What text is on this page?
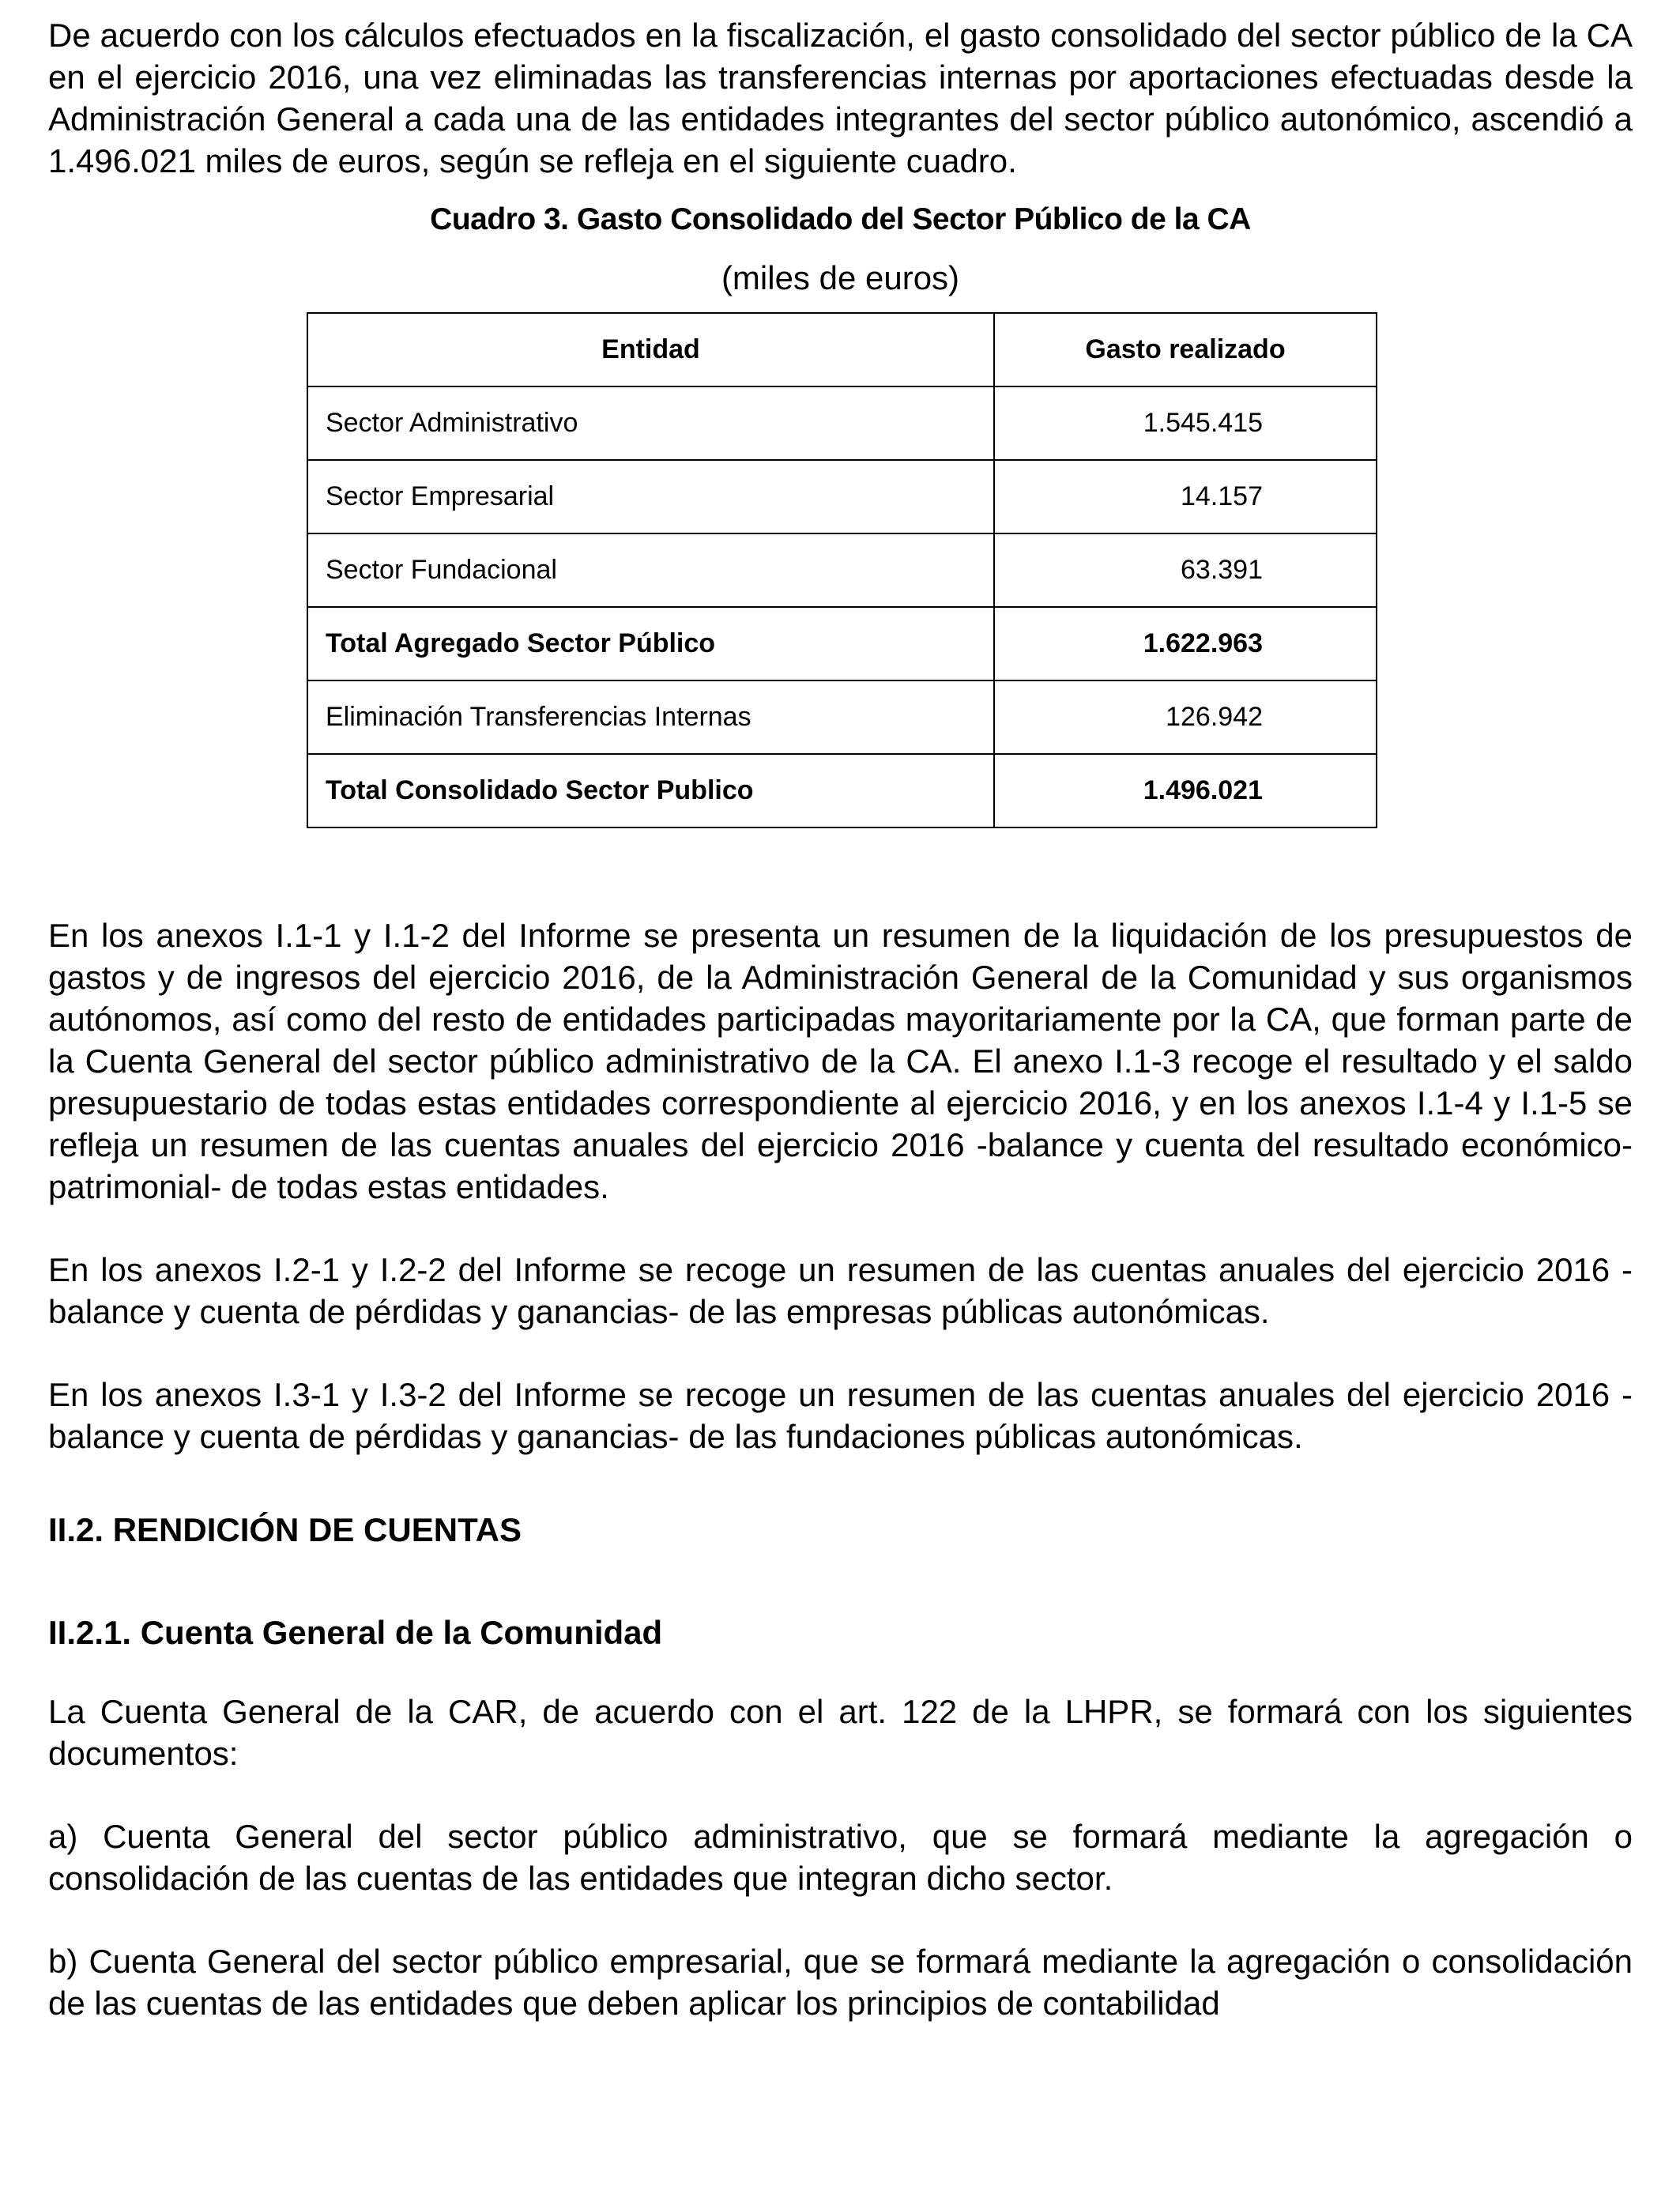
De acuerdo con los cálculos efectuados en la fiscalización, el gasto consolidado del sector público de la CA en el ejercicio 2016, una vez eliminadas las transferencias internas por aportaciones efectuadas desde la Administración General a cada una de las entidades integrantes del sector público autonómico, ascendió a 1.496.021 miles de euros, según se refleja en el siguiente cuadro.

Cuadro 3. Gasto Consolidado del Sector Público de la CA

(miles de euros)

Entidad	Gasto realizado
Sector Administrativo	1.545.415
Sector Empresarial	14.157
Sector Fundacional	63.391
Total Agregado Sector Público	1.622.963
Eliminación Transferencias Internas	126.942
Total Consolidado Sector Publico	1.496.021

En los anexos I.1-1 y I.1-2 del Informe se presenta un resumen de la liquidación de los presupuestos de gastos y de ingresos del ejercicio 2016, de la Administración General de la Comunidad y sus organismos autónomos, así como del resto de entidades participadas mayoritariamente por la CA, que forman parte de la Cuenta General del sector público administrativo de la CA. El anexo I.1-3 recoge el resultado y el saldo presupuestario de todas estas entidades correspondiente al ejercicio 2016, y en los anexos I.1-4 y I.1-5 se refleja un resumen de las cuentas anuales del ejercicio 2016 -balance y cuenta del resultado económico-patrimonial- de todas estas entidades.

En los anexos I.2-1 y I.2-2 del Informe se recoge un resumen de las cuentas anuales del ejercicio 2016 -balance y cuenta de pérdidas y ganancias- de las empresas públicas autonómicas.

En los anexos I.3-1 y I.3-2 del Informe se recoge un resumen de las cuentas anuales del ejercicio 2016 -balance y cuenta de pérdidas y ganancias- de las fundaciones públicas autonómicas.

II.2. RENDICIÓN DE CUENTAS
II.2.1. Cuenta General de la Comunidad

La Cuenta General de la CAR, de acuerdo con el art. 122 de la LHPR, se formará con los siguientes documentos:

a) Cuenta General del sector público administrativo, que se formará mediante la agregación o consolidación de las cuentas de las entidades que integran dicho sector.

b) Cuenta General del sector público empresarial, que se formará mediante la agregación o consolidación de las cuentas de las entidades que deben aplicar los principios de contabilidad
